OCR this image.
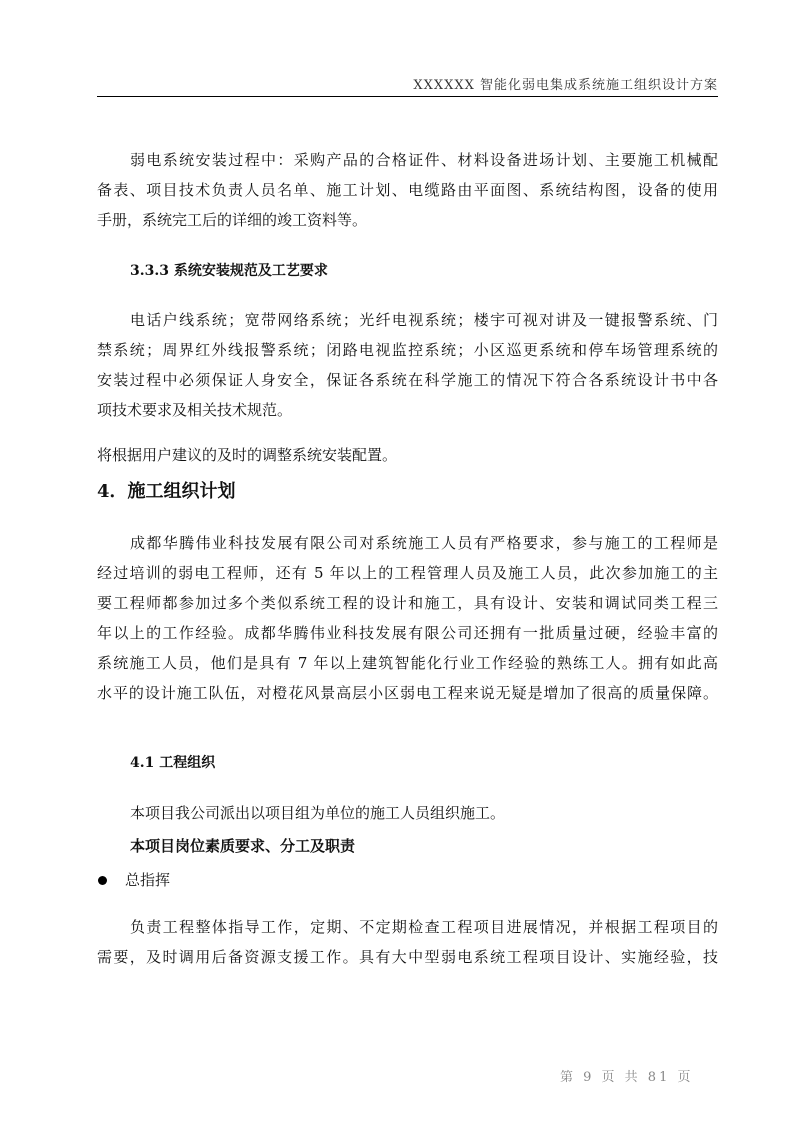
XXXXXX 智能化弱电集成系统施工组织设计方案
弱电系统安装过程中：采购产品的合格证件、材料设备进场计划、主要施工机械配
备表、项目技术负责人员名单、施工计划、电缆路由平面图、系统结构图，设备的使用
手册，系统完工后的详细的竣工资料等。
3.3.3 系统安装规范及工艺要求
电话户线系统；宽带网络系统；光纤电视系统；楼宇可视对讲及一键报警系统、门
禁系统；周界红外线报警系统；闭路电视监控系统；小区巡更系统和停车场管理系统的
安装过程中必须保证人身安全，保证各系统在科学施工的情况下符合各系统设计书中各
项技术要求及相关技术规范。
将根据用户建议的及时的调整系统安装配置。
4．施工组织计划
成都华腾伟业科技发展有限公司对系统施工人员有严格要求，参与施工的工程师是
经过培训的弱电工程师，还有 5 年以上的工程管理人员及施工人员，此次参加施工的主
要工程师都参加过多个类似系统工程的设计和施工，具有设计、安装和调试同类工程三
年以上的工作经验。成都华腾伟业科技发展有限公司还拥有一批质量过硬，经验丰富的
系统施工人员，他们是具有 7 年以上建筑智能化行业工作经验的熟练工人。拥有如此高
水平的设计施工队伍，对橙花风景高层小区弱电工程来说无疑是增加了很高的质量保障。
4.1 工程组织
本项目我公司派出以项目组为单位的施工人员组织施工。
本项目岗位素质要求、分工及职责
总指挥
负责工程整体指导工作，定期、不定期检查工程项目进展情况，并根据工程项目的
需要，及时调用后备资源支援工作。具有大中型弱电系统工程项目设计、实施经验，技
第 9 页 共 81 页
